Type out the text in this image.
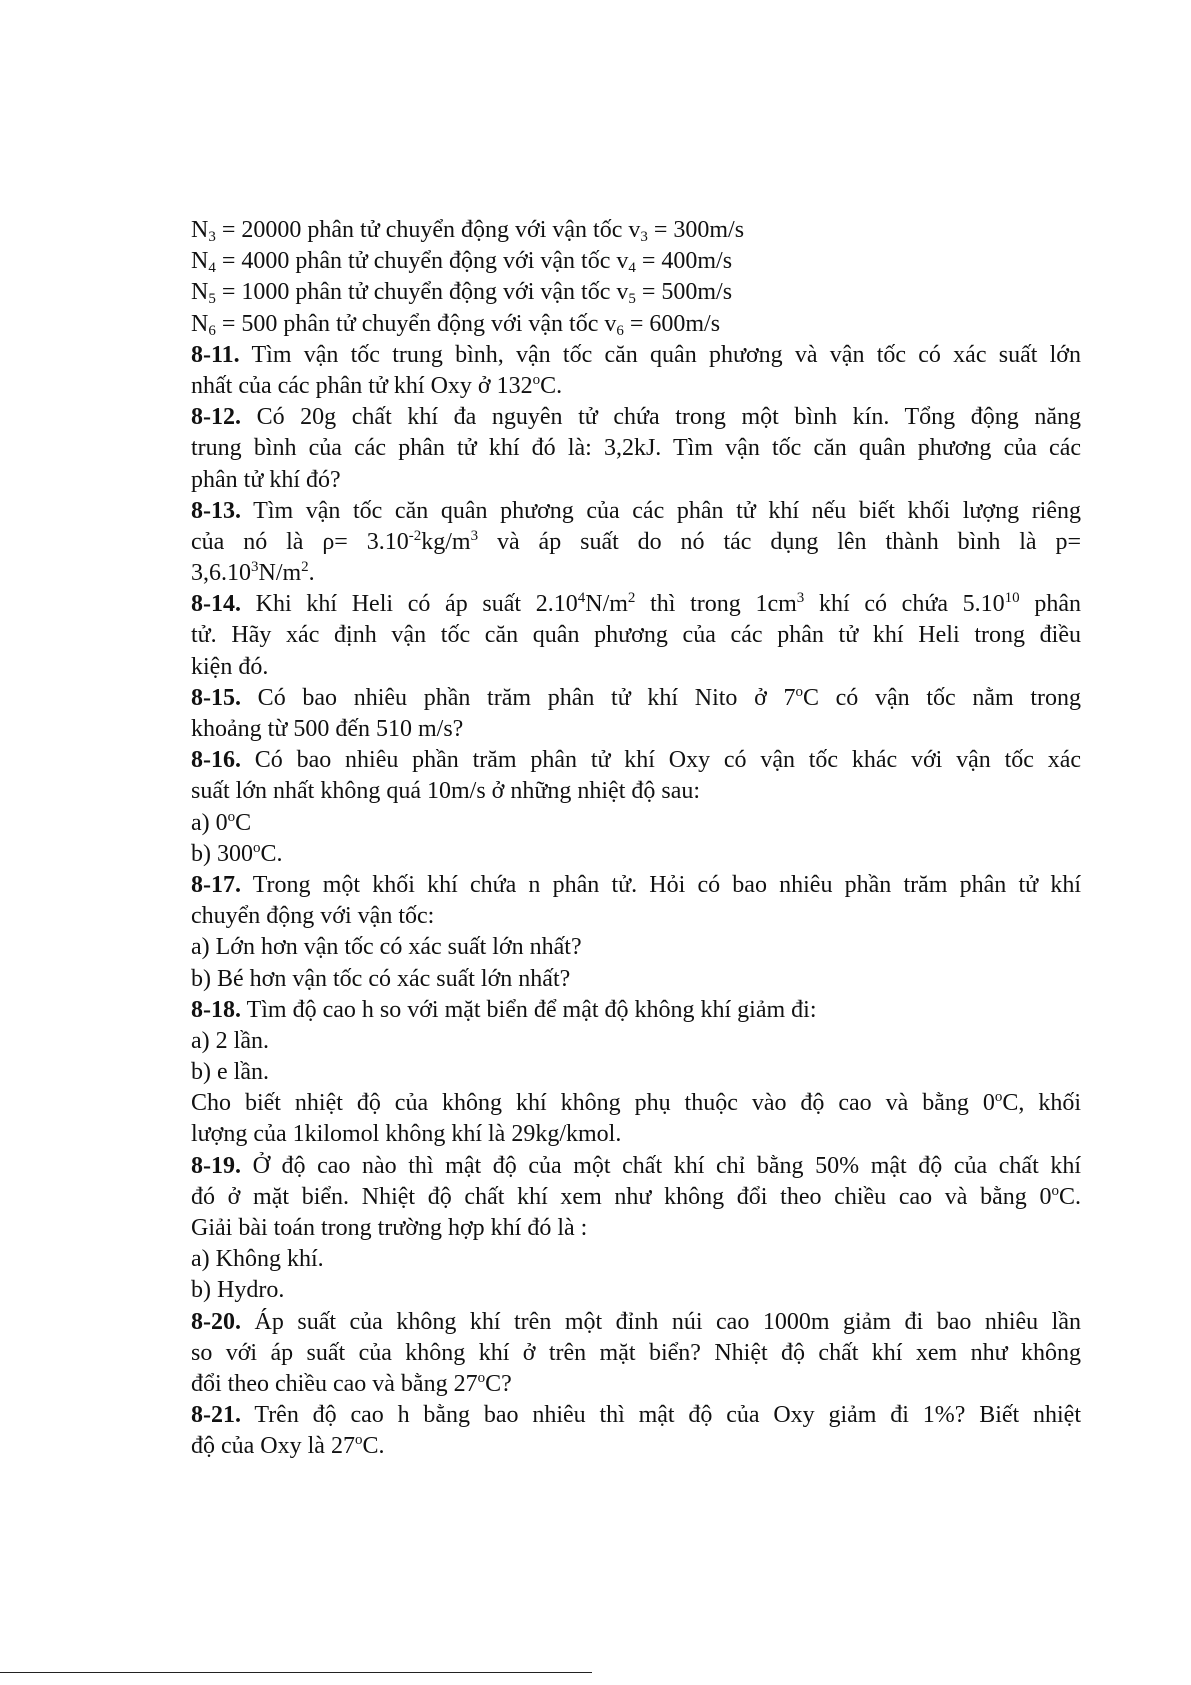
$N_3 = 20000$ phân tử chuyển động với vận tốc $v_3 = 300m/s$
$N_4 = 4000$ phân tử chuyển động với vận tốc $v_4 = 400m/s$
$N_5 = 1000$ phân tử chuyển động với vận tốc $v_5 = 500m/s$
$N_6 = 500$ phân tử chuyển động với vận tốc $v_6 = 600m/s$
8-11. Tìm vận tốc trung bình, vận tốc căn quân phương và vận tốc có xác suất lớn
nhất của các phân tử khí Oxy ở 132$^o$C.
8-12. Có 20g chất khí đa nguyên tử chứa trong một bình kín. Tổng động năng
trung bình của các phân tử khí đó là: 3,2kJ. Tìm vận tốc căn quân phương của các
phân tử khí đó?
8-13. Tìm vận tốc căn quân phương của các phân tử khí nếu biết khối lượng riêng
của nó là $\rho= 3.10^{-2}kg/m^3$ và áp suất do nó tác dụng lên thành bình là p=
$3,6.10^3N/m^2$.
8-14. Khi khí Heli có áp suất $2.10^4N/m^2$ thì trong $1cm^3$ khí có chứa 5.10$^{10}$ phân
tử. Hãy xác định vận tốc căn quân phương của các phân tử khí Heli trong điều
kiện đó.
8-15. Có bao nhiêu phần trăm phân tử khí Nito ở 7$^o$C có vận tốc nằm trong
khoảng từ 500 đến 510 m/s?
8-16. Có bao nhiêu phần trăm phân tử khí Oxy có vận tốc khác với vận tốc xác
suất lớn nhất không quá 10m/s ở những nhiệt độ sau:
a) 0$^o$C
b) 300$^o$C.
8-17. Trong một khối khí chứa n phân tử. Hỏi có bao nhiêu phần trăm phân tử khí
chuyển động với vận tốc:
a) Lớn hơn vận tốc có xác suất lớn nhất?
b) Bé hơn vận tốc có xác suất lớn nhất?
8-18. Tìm độ cao h so với mặt biển để mật độ không khí giảm đi:
a) 2 lần.
b) e lần.
Cho biết nhiệt độ của không khí không phụ thuộc vào độ cao và bằng 0$^o$C, khối
lượng của 1kilomol không khí là 29kg/kmol.
8-19. Ở độ cao nào thì mật độ của một chất khí chỉ bằng 50% mật độ của chất khí
đó ở mặt biển. Nhiệt độ chất khí xem như không đổi theo chiều cao và bằng 0$^o$C.
Giải bài toán trong trường hợp khí đó là :
a) Không khí.
b) Hydro.
8-20. Áp suất của không khí trên một đỉnh núi cao 1000m giảm đi bao nhiêu lần
so với áp suất của không khí ở trên mặt biển? Nhiệt độ chất khí xem như không
đổi theo chiều cao và bằng 27$^o$C?
8-21. Trên độ cao h bằng bao nhiêu thì mật độ của Oxy giảm đi 1%? Biết nhiệt
độ của Oxy là 27$^o$C.
